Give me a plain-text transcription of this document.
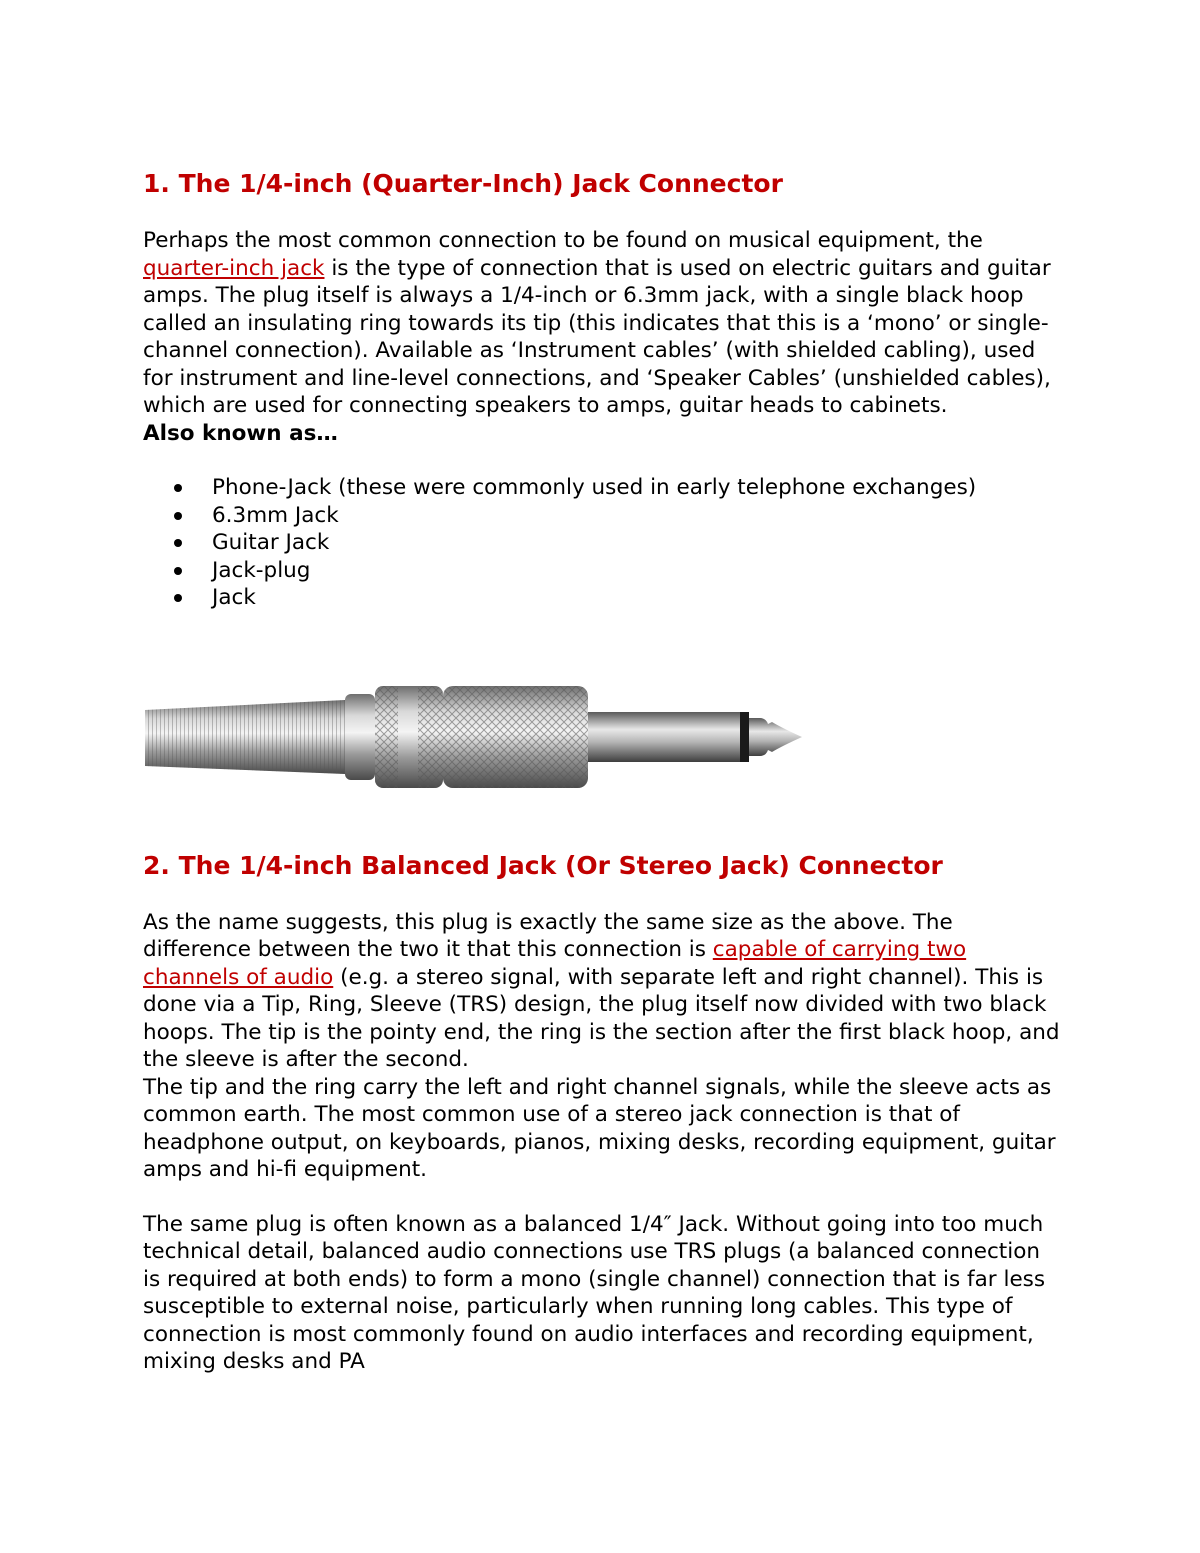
1. The 1/4-inch (Quarter-Inch) Jack Connector

Perhaps the most common connection to be found on musical equipment, the quarter-inch jack is the type of connection that is used on electric guitars and guitar amps. The plug itself is always a 1/4-inch or 6.3mm jack, with a single black hoop called an insulating ring towards its tip (this indicates that this is a ‘mono’ or single-channel connection). Available as ‘Instrument cables’ (with shielded cabling), used for instrument and line-level connections, and ‘Speaker Cables’ (unshielded cables), which are used for connecting speakers to amps, guitar heads to cabinets.

Also known as…

Phone-Jack (these were commonly used in early telephone exchanges)
6.3mm Jack
Guitar Jack
Jack-plug
Jack
2. The 1/4-inch Balanced Jack (Or Stereo Jack) Connector

As the name suggests, this plug is exactly the same size as the above. The difference between the two it that this connection is capable of carrying two channels of audio (e.g. a stereo signal, with separate left and right channel). This is done via a Tip, Ring, Sleeve (TRS) design, the plug itself now divided with two black hoops. The tip is the pointy end, the ring is the section after the first black hoop, and the sleeve is after the second.

The tip and the ring carry the left and right channel signals, while the sleeve acts as common earth. The most common use of a stereo jack connection is that of headphone output, on keyboards, pianos, mixing desks, recording equipment, guitar amps and hi-fi equipment.

The same plug is often known as a balanced 1/4″ Jack. Without going into too much technical detail, balanced audio connections use TRS plugs (a balanced connection is required at both ends) to form a mono (single channel) connection that is far less susceptible to external noise, particularly when running long cables. This type of connection is most commonly found on audio interfaces and recording equipment, mixing desks and PA
